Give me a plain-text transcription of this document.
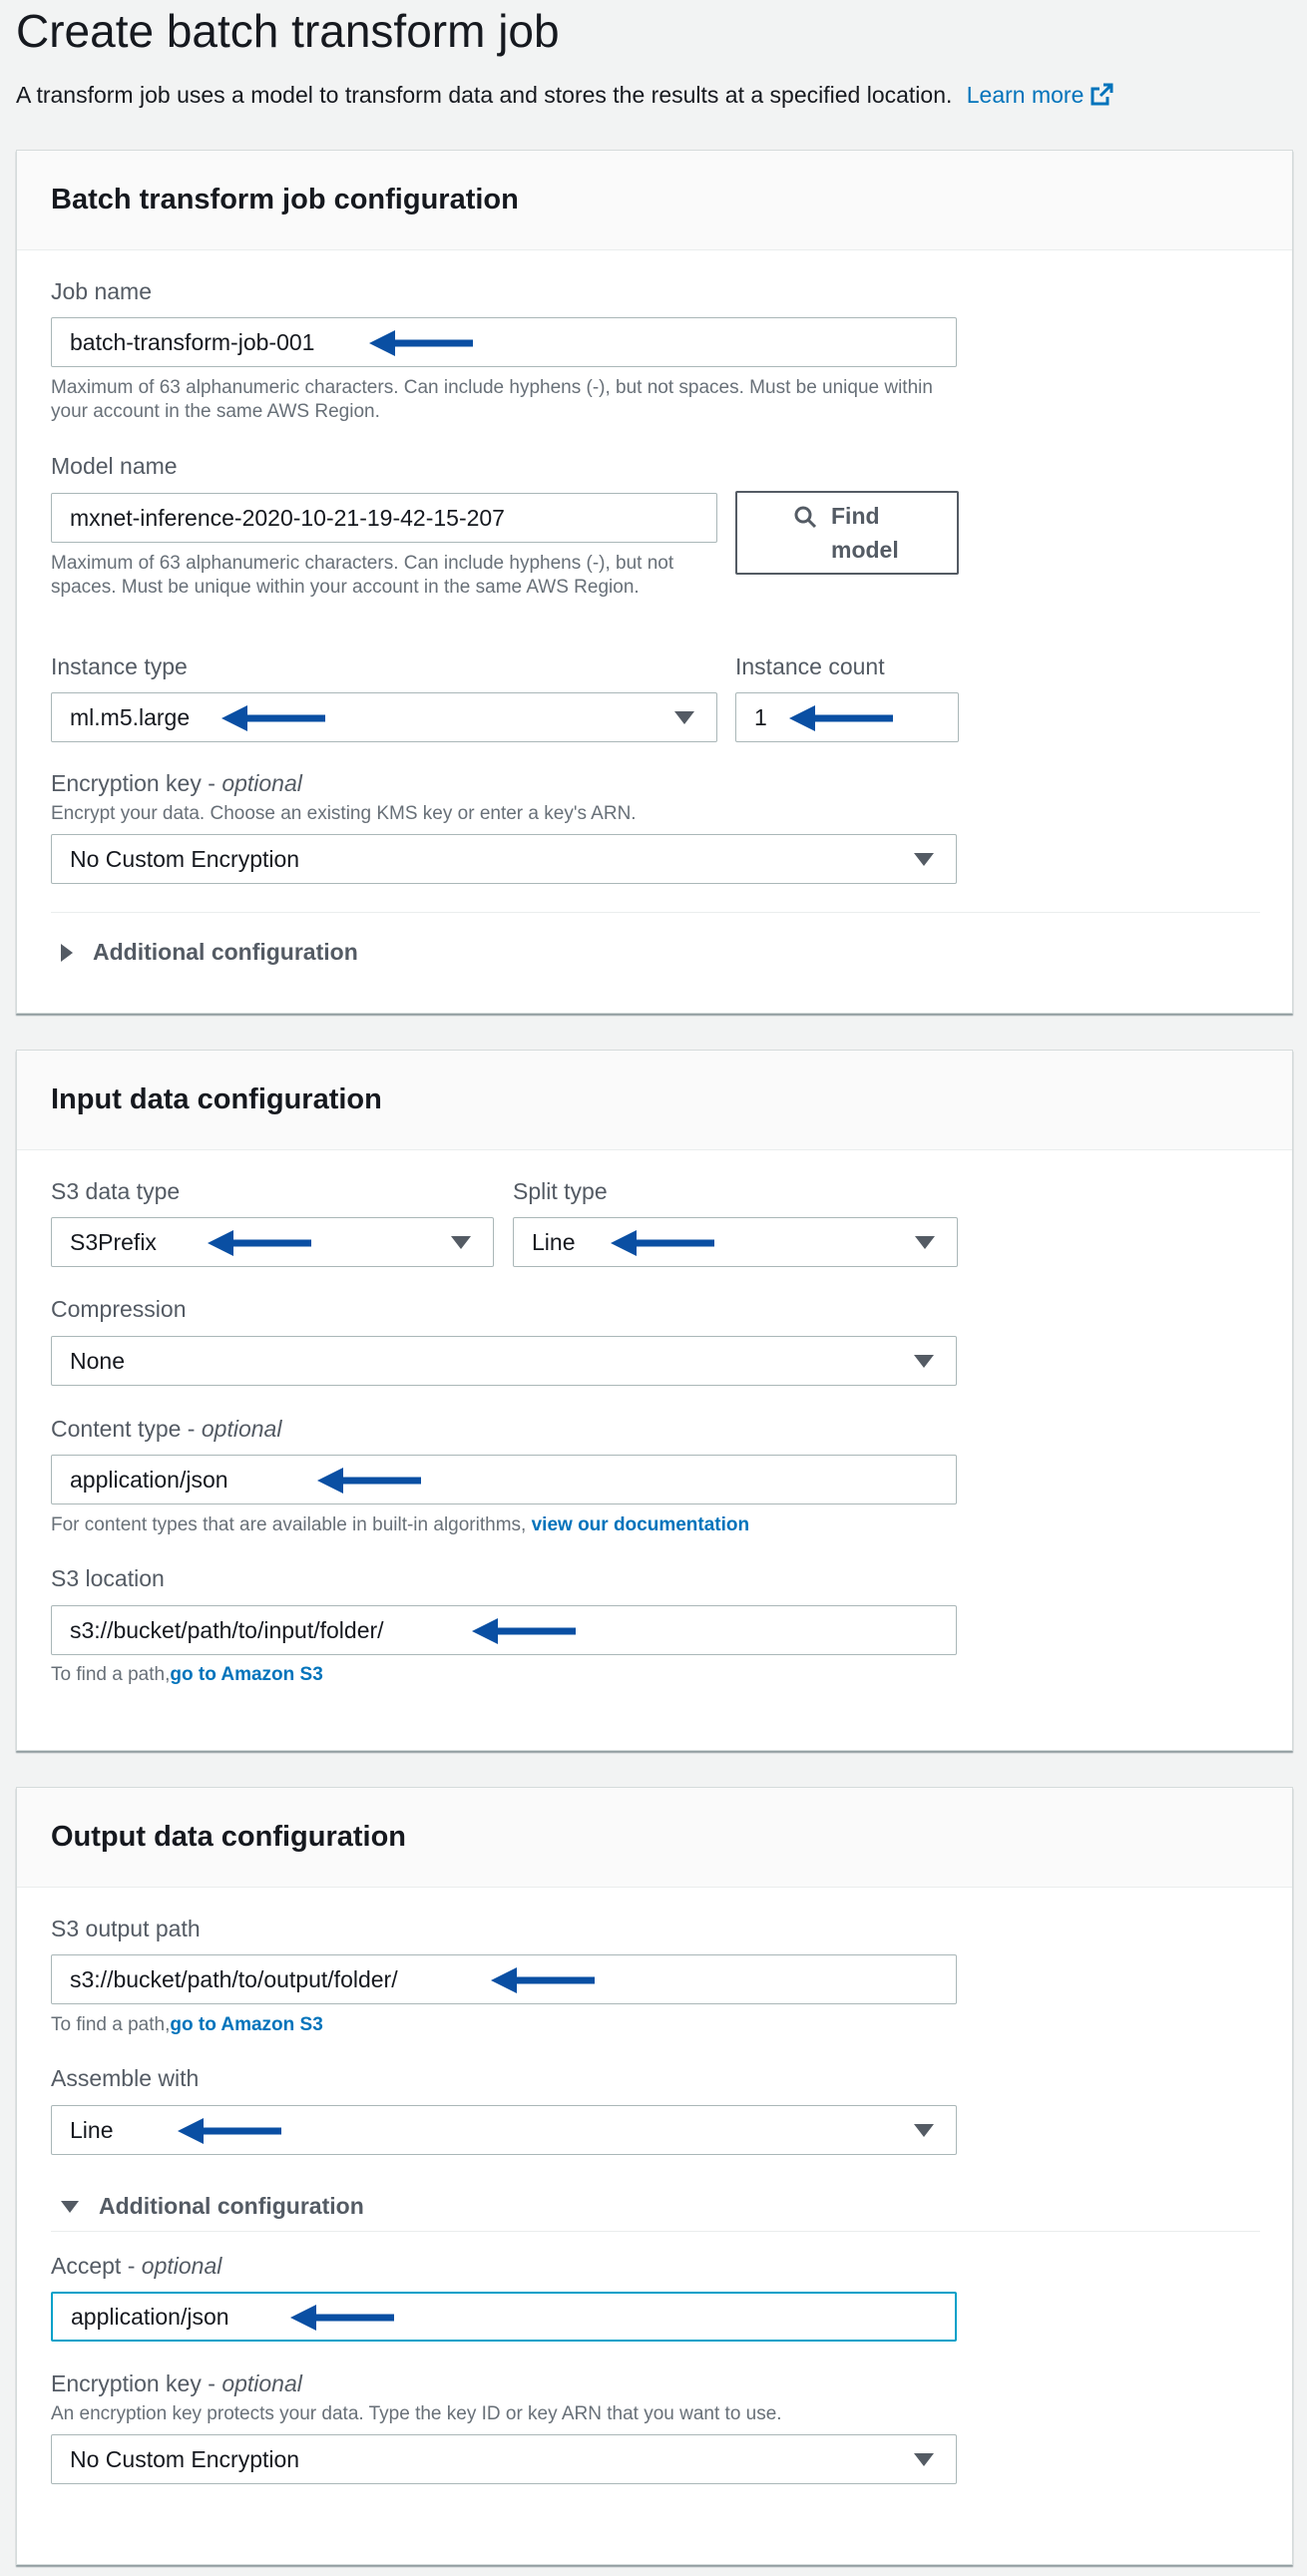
Create batch transform job
A transform job uses a model to transform data and stores the results at a specified location. Learn more
Batch transform job configuration
Job name
batch-transform-job-001
Maximum of 63 alphanumeric characters. Can include hyphens (-), but not spaces. Must be unique within your account in the same AWS Region.
Model name
mxnet-inference-2020-10-21-19-42-15-207	Find model
Maximum of 63 alphanumeric characters. Can include hyphens (-), but not spaces. Must be unique within your account in the same AWS Region.
Instance type
ml.m5.large
Instance count
1
Encryption key - optional
Encrypt your data. Choose an existing KMS key or enter a key's ARN.
No Custom Encryption
Additional configuration
Input data configuration
S3 data type
S3Prefix
Split type
Line
Compression
None
Content type - optional
application/json
For content types that are available in built-in algorithms, view our documentation
S3 location
s3://bucket/path/to/input/folder/
To find a path,go to Amazon S3
Output data configuration
S3 output path
s3://bucket/path/to/output/folder/
To find a path,go to Amazon S3
Assemble with
Line
Additional configuration
Accept - optional
application/json
Encryption key - optional
An encryption key protects your data. Type the key ID or key ARN that you want to use.
No Custom Encryption
